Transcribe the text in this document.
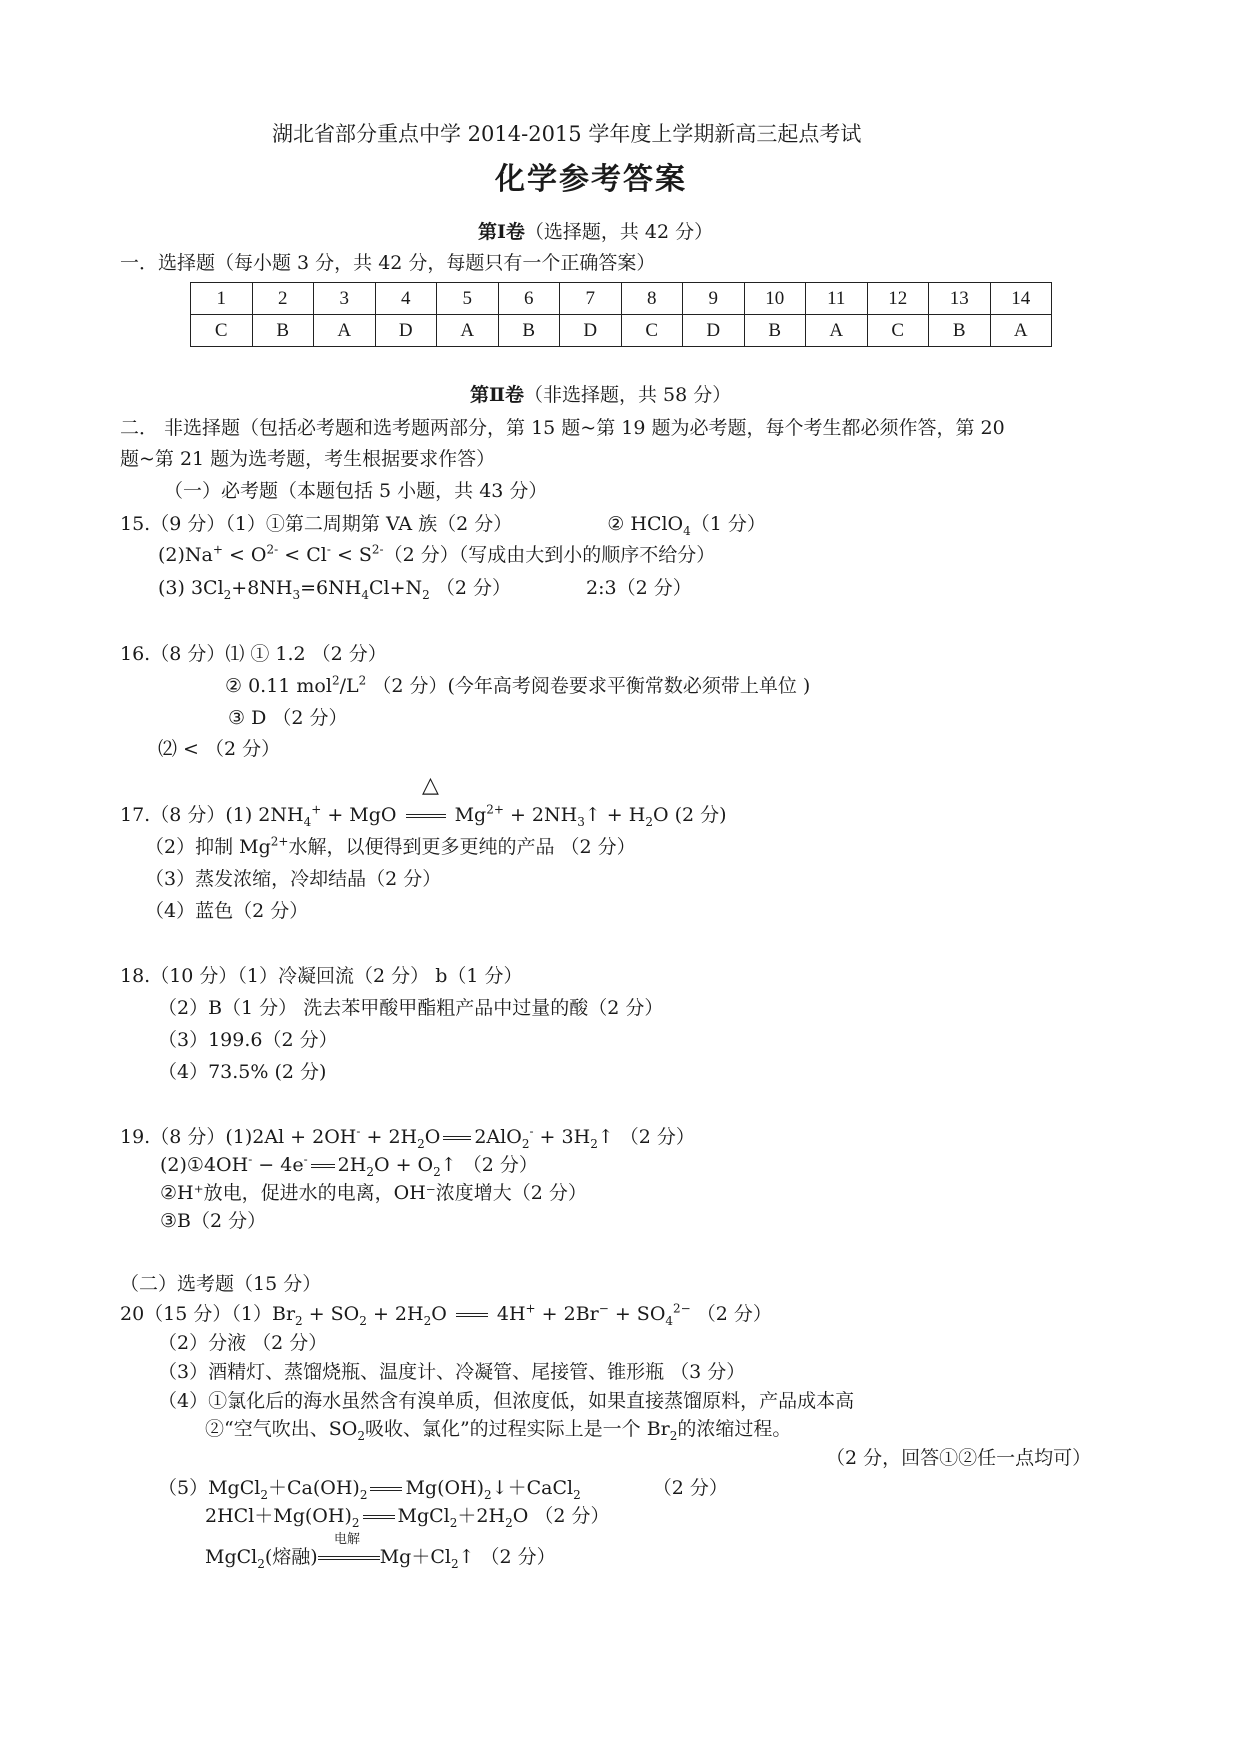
湖北省部分重点中学 2014-2015 学年度上学期新高三起点考试
化学参考答案
第Ⅰ卷（选择题，共 42 分）
一．选择题（每小题 3 分，共 42 分，每题只有一个正确答案）
1	2	3	4	5	6	7	8	9	10	11	12	13	14
C	B	A	D	A	B	D	C	D	B	A	C	B	A
第Ⅱ卷（非选择题，共 58 分）
二． 非选择题（包括必考题和选考题两部分，第 15 题~第 19 题为必考题，每个考生都必须作答，第 20
题~第 21 题为选考题，考生根据要求作答）
（一）必考题（本题包括 5 小题，共 43 分）
15.（9 分）（1）①第二周期第 VA 族（2 分）	② HClO$_4$（1 分）
$(2)Na^+ < O^{2-} < Cl^- < S^{2-}(2$ 分）（写成由大到小的顺序不给分）
(3) $3Cl_2+8NH_3=6NH_4Cl+N_2$ （2 分）	2:3（2 分）
16.（8 分）⑴ ① 1.2 （2 分）
② 0.11 $mol^2/L^2$ （2 分）(今年高考阅卷要求平衡常数必须带上单位 )
③ D （2 分）
⑵ < （2 分）
△
17.（8 分）(1) $2NH_4^+$ + MgO  $Mg^{2+}$ + $2NH_3↑ + H_2O$ (2 分)
（2）抑制 $Mg^{2+}$水解，以便得到更多更纯的产品 （2 分）
（3）蒸发浓缩，冷却结晶（2 分）
（4）蓝色（2 分）
18.（10 分）（1）冷凝回流（2 分） b（1 分）
（2）B（1 分） 洗去苯甲酸甲酯粗产品中过量的酸（2 分）
（3）199.6（2 分）
（4）73.5% (2 分)
19.（8 分）$(1)2Al + 2OH^- + 2H_2O$ $2AlO_2^- + 3H_2↑$ （2 分）
(2)①4OH- − 4e- $2H_2O$ + $O_2↑$ （2 分）
②H⁺放电，促进水的电离，OH⁻浓度增大（2 分）
③B（2 分）
（二）选考题（15 分）
20（15 分）$(1)Br_2 + SO_2 + 2H_2O$  $4H^+ + 2Br^- + SO_4^{2-}$ （2 分）
（2）分液 （2 分）
（3）酒精灯、蒸馏烧瓶、温度计、冷凝管、尾接管、锥形瓶 （3 分）
（4）①氯化后的海水虽然含有溴单质，但浓度低，如果直接蒸馏原料，产品成本高
②“空气吹出、$SO_2$吸收、氯化”的过程实际上是一个 $Br_2$的浓缩过程。
（2 分，回答①②任一点均可）
$(5)MgCl_2+Ca(OH)_2$ $Mg(OH)_2↓+CaCl_2$	（2 分）
$2HCl+Mg(OH)_2$ $MgCl_2+2H_2O$ （2 分）
电解
MgCl$_2$(熔融)	$Mg+Cl_2↑$ （2 分）
